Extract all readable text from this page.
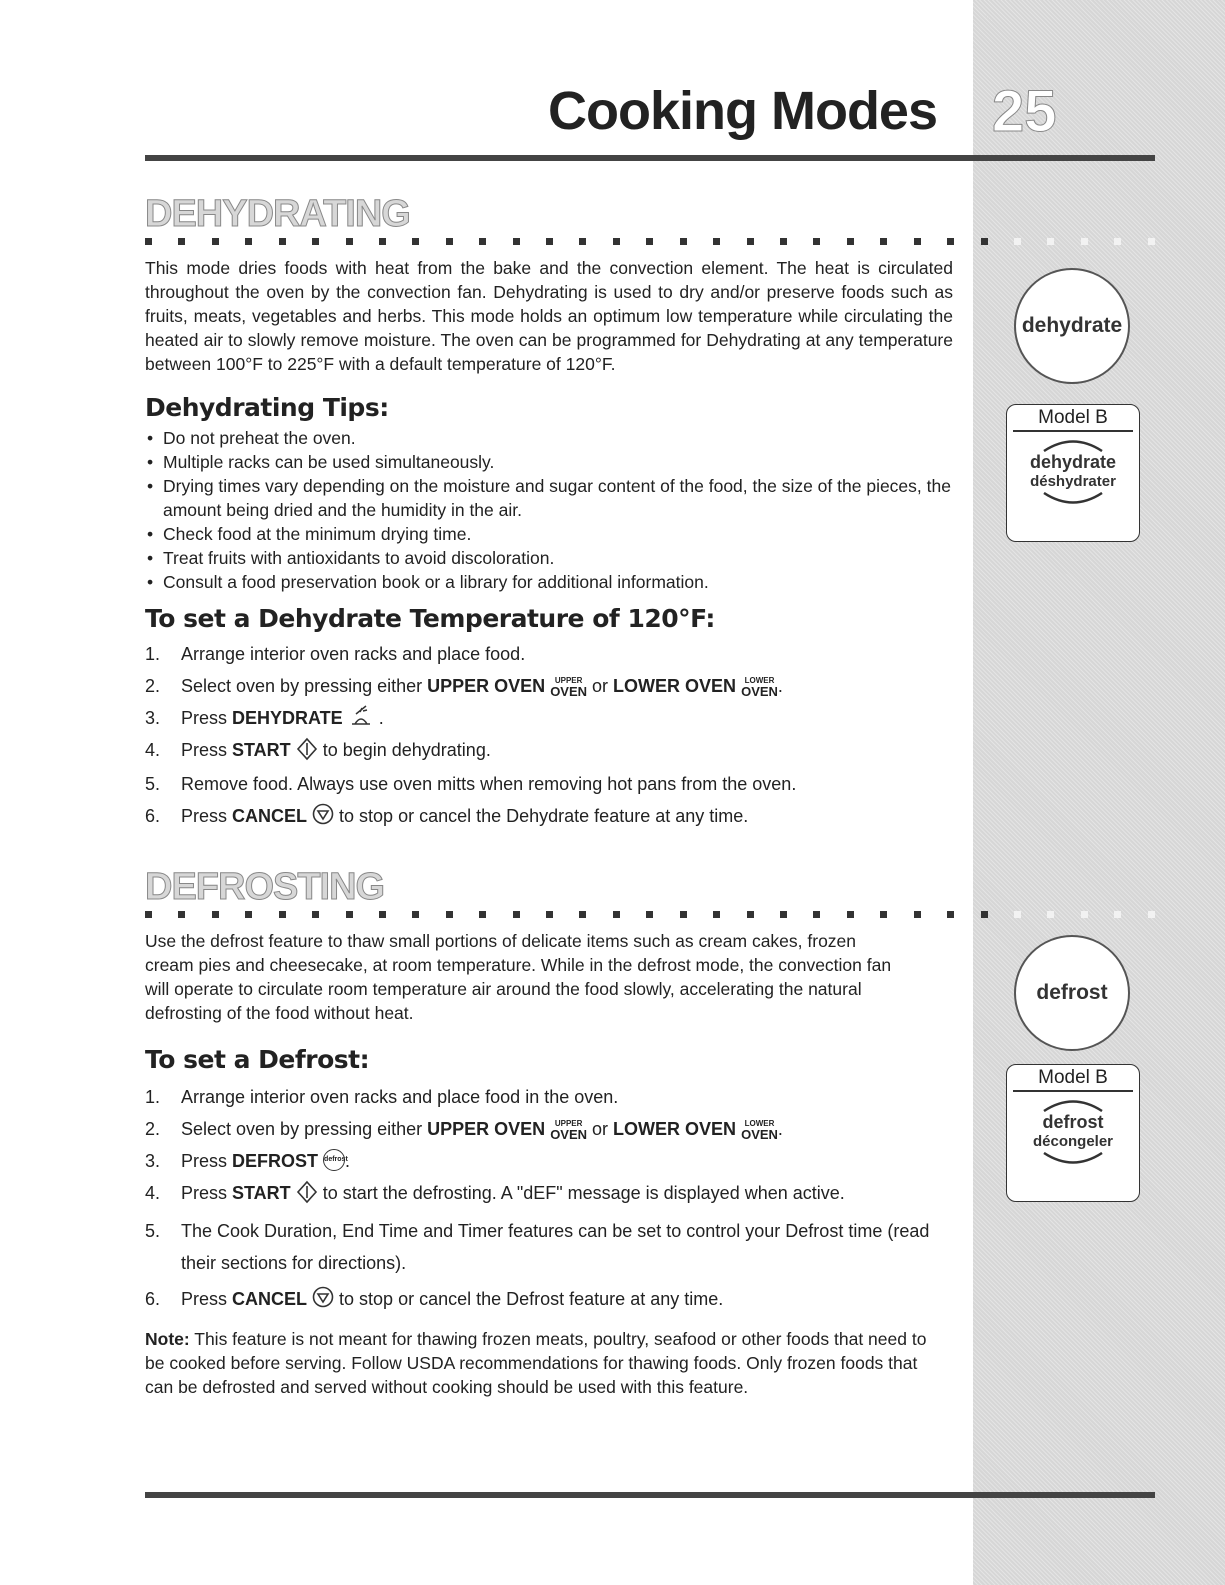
Cooking Modes 25
DEHYDRATING
This mode dries foods with heat from the bake and the convection element. The heat is circulated throughout the oven by the convection fan. Dehydrating is used to dry and/or preserve foods such as fruits, meats, vegetables and herbs. This mode holds an optimum low temperature while circulating the heated air to slowly remove moisture. The oven can be programmed for Dehydrating at any temperature between 100°F to 225°F with a default temperature of 120°F.
Dehydrating Tips:
• Do not preheat the oven.
• Multiple racks can be used simultaneously.
• Drying times vary depending on the moisture and sugar content of the food, the size of the pieces, the amount being dried and the humidity in the air.
• Check food at the minimum drying time.
• Treat fruits with antioxidants to avoid discoloration.
• Consult a food preservation book or a library for additional information.
To set a Dehydrate Temperature of 120°F:
1. Arrange interior oven racks and place food.
2. Select oven by pressing either UPPER OVEN	UPPER
OVEN or LOWER OVEN	LOWER
OVEN .
3. Press DEHYDRATE  .
4. Press START  to begin dehydrating.
5. Remove food. Always use oven mitts when removing hot pans from the oven.
6. Press CANCEL  to stop or cancel the Dehydrate feature at any time.
DEFROSTING
Use the defrost feature to thaw small portions of delicate items such as cream cakes, frozen cream pies and cheesecake, at room temperature. While in the defrost mode, the convection fan will operate to circulate room temperature air around the food slowly, accelerating the natural defrosting of the food without heat.
To set a Defrost:
1. Arrange interior oven racks and place food in the oven.
2. Select oven by pressing either UPPER OVEN	UPPER
OVEN or LOWER OVEN	LOWER
OVEN .
3. Press DEFROST defrost.
4. Press START  to start the defrosting. A "dEF" message is displayed when active.
5. The Cook Duration, End Time and Timer features can be set to control your Defrost time (read their sections for directions).
6. Press CANCEL  to stop or cancel the Defrost feature at any time.
Note: This feature is not meant for thawing frozen meats, poultry, seafood or other foods that need to be cooked before serving. Follow USDA recommendations for thawing foods. Only frozen foods that can be defrosted and served without cooking should be used with this feature.
dehydrate
Model B
dehydrate
déshydrater
defrost
Model B
defrost
décongeler
